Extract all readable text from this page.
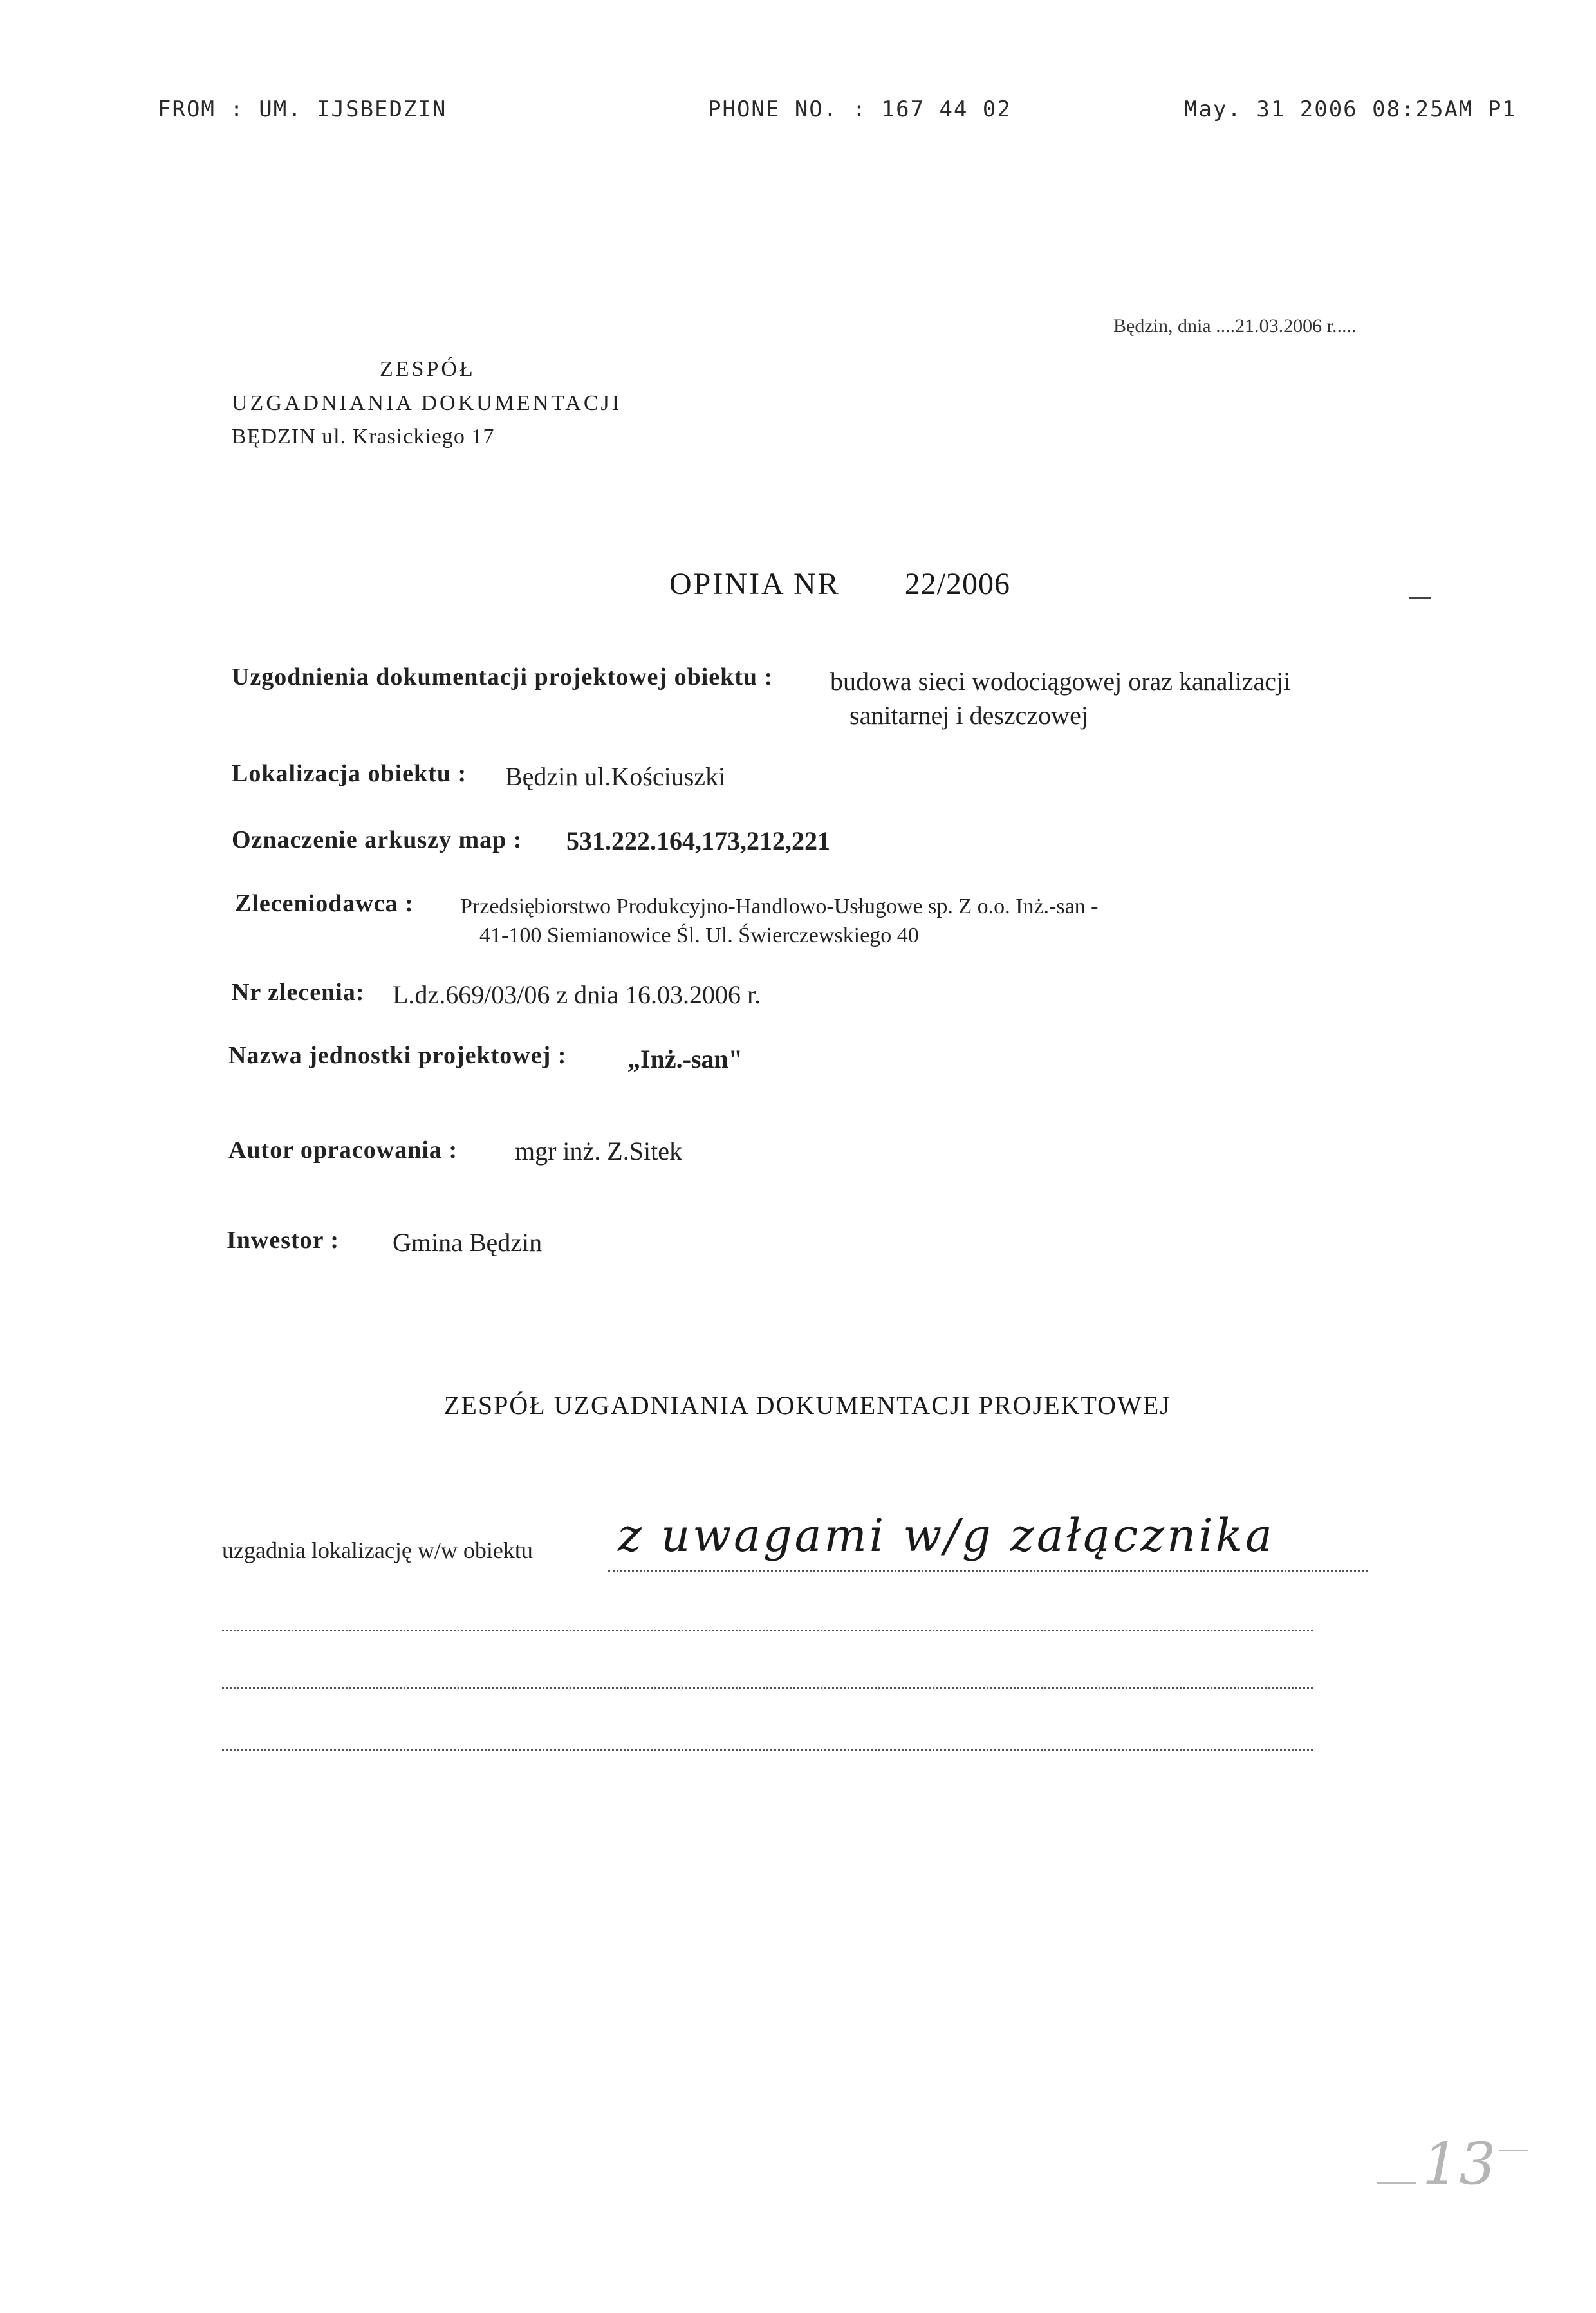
FROM : UM. IJSBEDZIN	PHONE NO. : 167 44 02	May. 31 2006 08:25AM P1
Będzin, dnia ....21.03.2006 r.....
ZESPÓŁ
UZGADNIANIA DOKUMENTACJI
BĘDZIN ul. Krasickiego 17
OPINIA NR 22/2006
Uzgodnienia dokumentacji projektowej obiektu : budowa sieci wodociągowej oraz kanalizacji
sanitarnej i deszczowej
Lokalizacja obiektu : Będzin ul.Kościuszki
Oznaczenie arkuszy map : 531.222.164,173,212,221
Zleceniodawca : Przedsiębiorstwo Produkcyjno-Handlowo-Usługowe sp. Z o.o. Inż.-san -
41-100 Siemianowice Śl. Ul. Świerczewskiego 40
Nr zlecenia: L.dz.669/03/06 z dnia 16.03.2006 r.
Nazwa jednostki projektowej : „Inż.-san"
Autor opracowania : mgr inż. Z.Sitek
Inwestor : Gmina Będzin
ZESPÓŁ UZGADNIANIA DOKUMENTACJI PROJEKTOWEJ
uzgadnia lokalizację w/w obiektu z uwagami w/g załącznika
13
